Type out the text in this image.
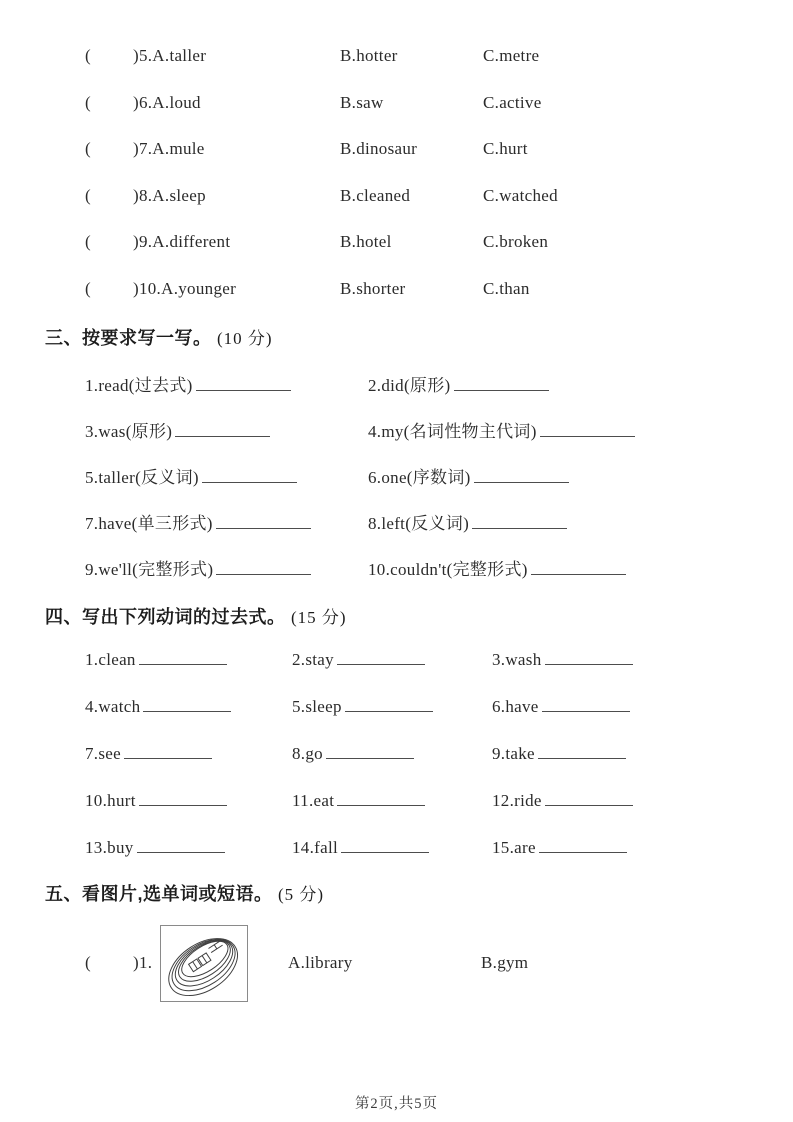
( )5.A.taller	B.hotter	C.metre
( )6.A.loud	B.saw	C.active
( )7.A.mule	B.dinosaur	C.hurt
( )8.A.sleep	B.cleaned	C.watched
( )9.A.different	B.hotel	C.broken
( )10.A.younger	B.shorter	C.than
三、按要求写一写。 (10 分)
1.read(过去式)	2.did(原形)
3.was(原形)	4.my(名词性物主代词)
5.taller(反义词)	6.one(序数词)
7.have(单三形式)	8.left(反义词)
9.we'll(完整形式)	10.couldn't(完整形式)
四、写出下列动词的过去式。 (15 分)
1.clean	2.stay	3.wash
4.watch	5.sleep	6.have
7.see	8.go	9.take
10.hurt	11.eat	12.ride
13.buy	14.fall	15.are
五、看图片,选单词或短语。 (5 分)
( )1.	A.library	B.gym
第2页,共5页
